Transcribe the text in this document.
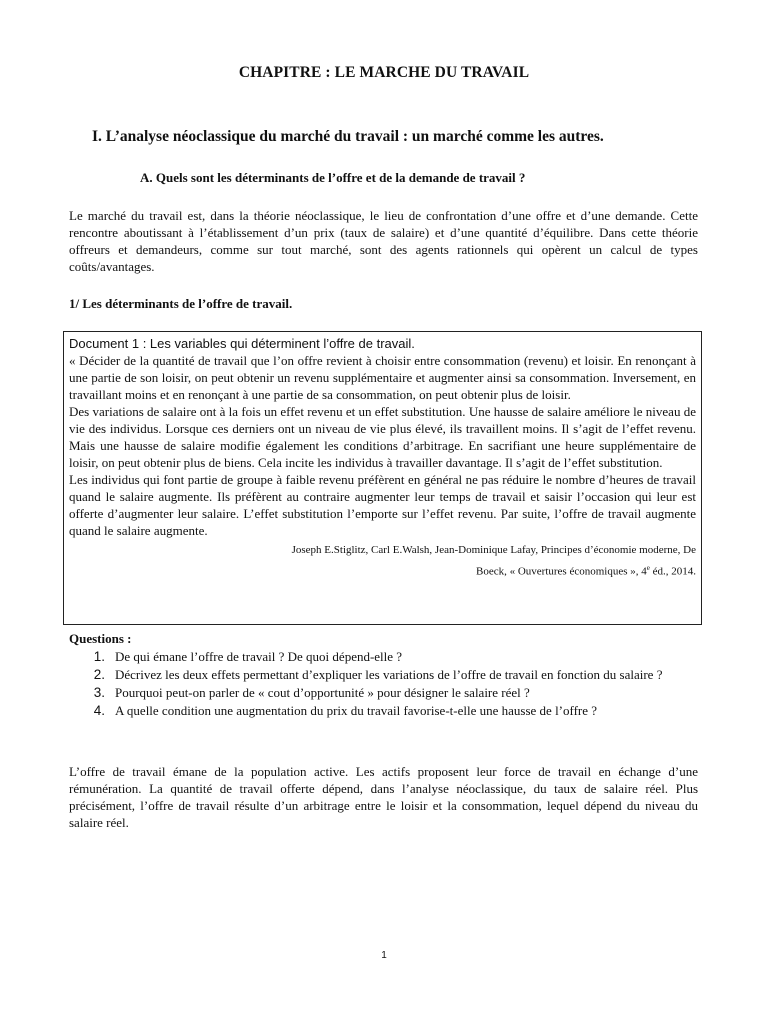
CHAPITRE : LE MARCHE DU TRAVAIL
I. L’analyse néoclassique du marché du travail : un marché comme les autres.
A. Quels sont les déterminants de l’offre et de la demande de travail ?

Le marché du travail est, dans la théorie néoclassique, le lieu de confrontation d’une offre et d’une demande. Cette rencontre aboutissant à l’établissement d’un prix (taux de salaire) et d’une quantité d’équilibre. Dans cette théorie offreurs et demandeurs, comme sur tout marché, sont des agents rationnels qui opèrent un calcul de types coûts/avantages.

1/ Les déterminants de l’offre de travail.
Document 1 : Les variables qui déterminent l’offre de travail.

« Décider de la quantité de travail que l’on offre revient à choisir entre consommation (revenu) et loisir. En renonçant à une partie de son loisir, on peut obtenir un revenu supplémentaire et augmenter ainsi sa consommation. Inversement, en travaillant moins et en renonçant à une partie de sa consommation, on peut obtenir plus de loisir.

Des variations de salaire ont à la fois un effet revenu et un effet substitution. Une hausse de salaire améliore le niveau de vie des individus. Lorsque ces derniers ont un niveau de vie plus élevé, ils travaillent moins. Il s’agit de l’effet revenu. Mais une hausse de salaire modifie également les conditions d’arbitrage. En sacrifiant une heure supplémentaire de loisir, on peut obtenir plus de biens. Cela incite les individus à travailler davantage. Il s’agit de l’effet substitution.

Les individus qui font partie de groupe à faible revenu préfèrent en général ne pas réduire le nombre d’heures de travail quand le salaire augmente. Ils préfèrent au contraire augmenter leur temps de travail et saisir l’occasion qui leur est offerte d’augmenter leur salaire. L’effet substitution l’emporte sur l’effet revenu. Par suite, l’offre de travail augmente quand le salaire augmente.

Joseph E.Stiglitz, Carl E.Walsh, Jean-Dominique Lafay, Principes d’économie moderne, De
Boeck, « Ouvertures économiques », 4e éd., 2014.

Questions :
1. De qui émane l’offre de travail ? De quoi dépend-elle ?
2. Décrivez les deux effets permettant d’expliquer les variations de l’offre de travail en fonction du salaire ?
3. Pourquoi peut-on parler de « cout d’opportunité » pour désigner le salaire réel ?
4. A quelle condition une augmentation du prix du travail favorise-t-elle une hausse de l’offre ?

L’offre de travail émane de la population active. Les actifs proposent leur force de travail en échange d’une rémunération. La quantité de travail offerte dépend, dans l’analyse néoclassique, du taux de salaire réel. Plus précisément, l’offre de travail résulte d’un arbitrage entre le loisir et la consommation, lequel dépend du niveau du salaire réel.

1
